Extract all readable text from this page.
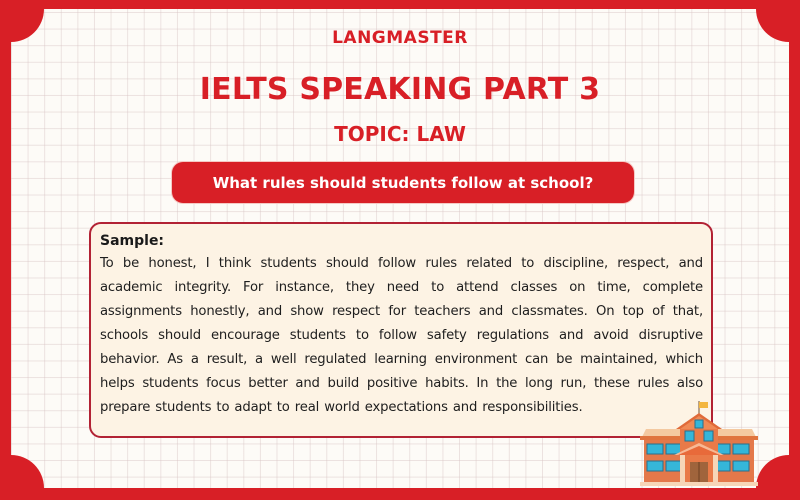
LANGMASTER
IELTS SPEAKING PART 3
TOPIC: LAW
What rules should students follow at school?
Sample:
To be honest, I think students should follow rules related to discipline, respect, and academic integrity. For instance, they need to attend classes on time, complete assignments honestly, and show respect for teachers and classmates. On top of that, schools should encourage students to follow safety regulations and avoid disruptive behavior. As a result, a well regulated learning environment can be maintained, which helps students focus better and build positive habits. In the long run, these rules also prepare students to adapt to real world expectations and responsibilities.
